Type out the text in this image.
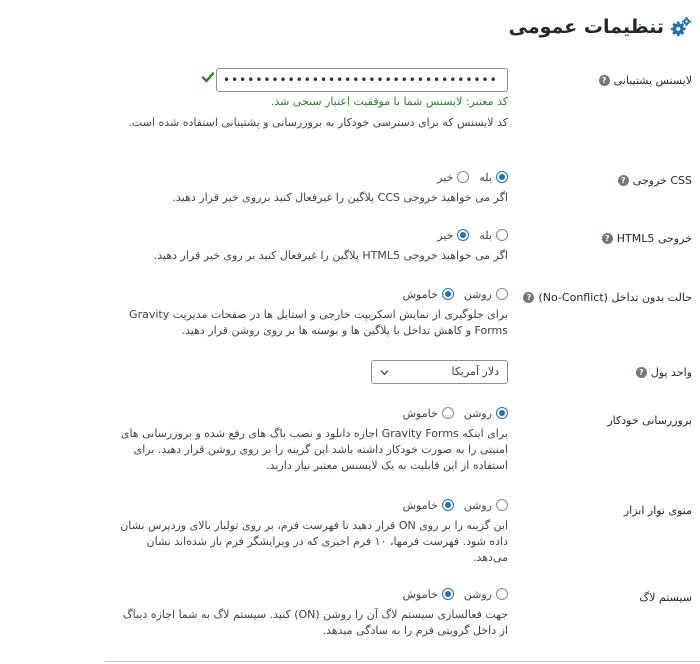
تنظیمات عمومی
لایسنس پشتیبانی
?
••••••••••••••••••••••••••••••••••
کد معتبر: لایسنس شما با موفقیت اعتبار سنجی شد.

کد لایسنس که برای دسترسی خودکار به بروزرسانی و پشتیبانی استفاده شده است.

CSS خروجی
?
بله
خیر

اگر می خواهید خروجی CCS پلاگین را غیرفعال کنید برروی خیر قرار دهید.

خروجی HTML5
?
بله
خیر

اگر می خواهید خروجی HTML5 پلاگین را غیرفعال کنید بر روی خیر قرار دهید.

حالت بدون تداخل (No-Conflict)
?
روشن
خاموش

برای جلوگیری از نمایش اسکریپت خارجی و استایل ها در صفحات مدیریت Gravity Forms و کاهش تداخل با پلاگین ها و بوسته ها بر روی روشن قرار دهید.

واحد پول
?
دلار آمریکا
بروزرسانی خودکار
روشن
خاموش

برای اینکه Gravity Forms اجازه دانلود و نصب باگ های رفع شده و بروزرسانی های امنیتی را به صورت خودکار داشته باشد این گزینه را بر روی روشن قرار دهید. برای استفاده از این قابلیت به یک لایسنس معتبر نیاز دارید.

منوی نوار ابزار
روشن
خاموش

این گزینه را بر روی ON قرار دهید تا فهرست فرم، بر روی تولبار بالای وردپرس نشان داده شود. فهرست فرمها، ۱۰ فرم اخیری که در ویرایشگر فرم باز شده‌اند نشان می‌دهد.

سیستم لاگ
روشن
خاموش

جهت فعالسازی سیستم لاگ آن را روشن (ON) کنید. سیستم لاگ به شما اجازه دیباگ از داخل گرویتی فرم را به سادگی میدهد.
